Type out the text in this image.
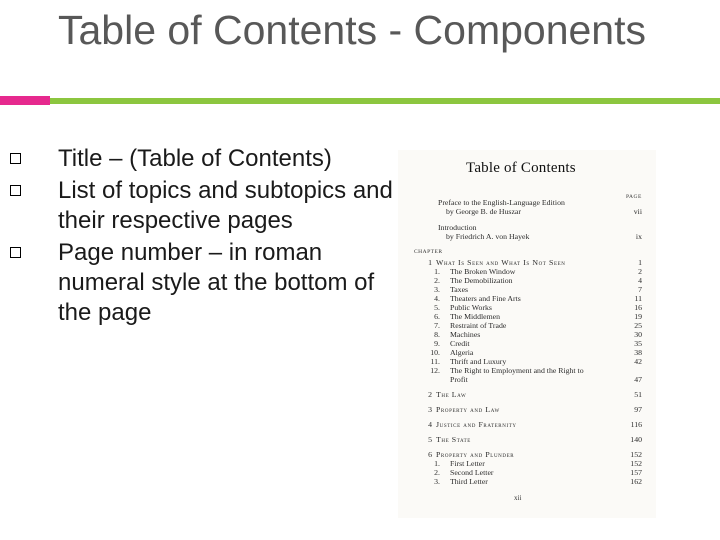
Table of Contents - Components
Title – (Table of Contents)
List of topics and subtopics and their respective pages
Page number – in roman numeral style at the bottom of the page
Table of Contents
PAGE
Preface to the English-Language Edition
by George B. de Huszar	vii
Introduction
by Friedrich A. von Hayek	ix
CHAPTER
1 What Is Seen and What Is Not Seen	1
1. The Broken Window	2
2. The Demobilization	4
3. Taxes	7
4. Theaters and Fine Arts	11
5. Public Works	16
6. The Middlemen	19
7. Restraint of Trade	25
8. Machines	30
9. Credit	35
10. Algeria	38
11. Thrift and Luxury	42
12. The Right to Employment and the Right to
Profit	47
2 The Law	51
3 Property and Law	97
4 Justice and Fraternity	116
5 The State	140
6 Property and Plunder	152
1. First Letter	152
2. Second Letter	157
3. Third Letter	162
xii
